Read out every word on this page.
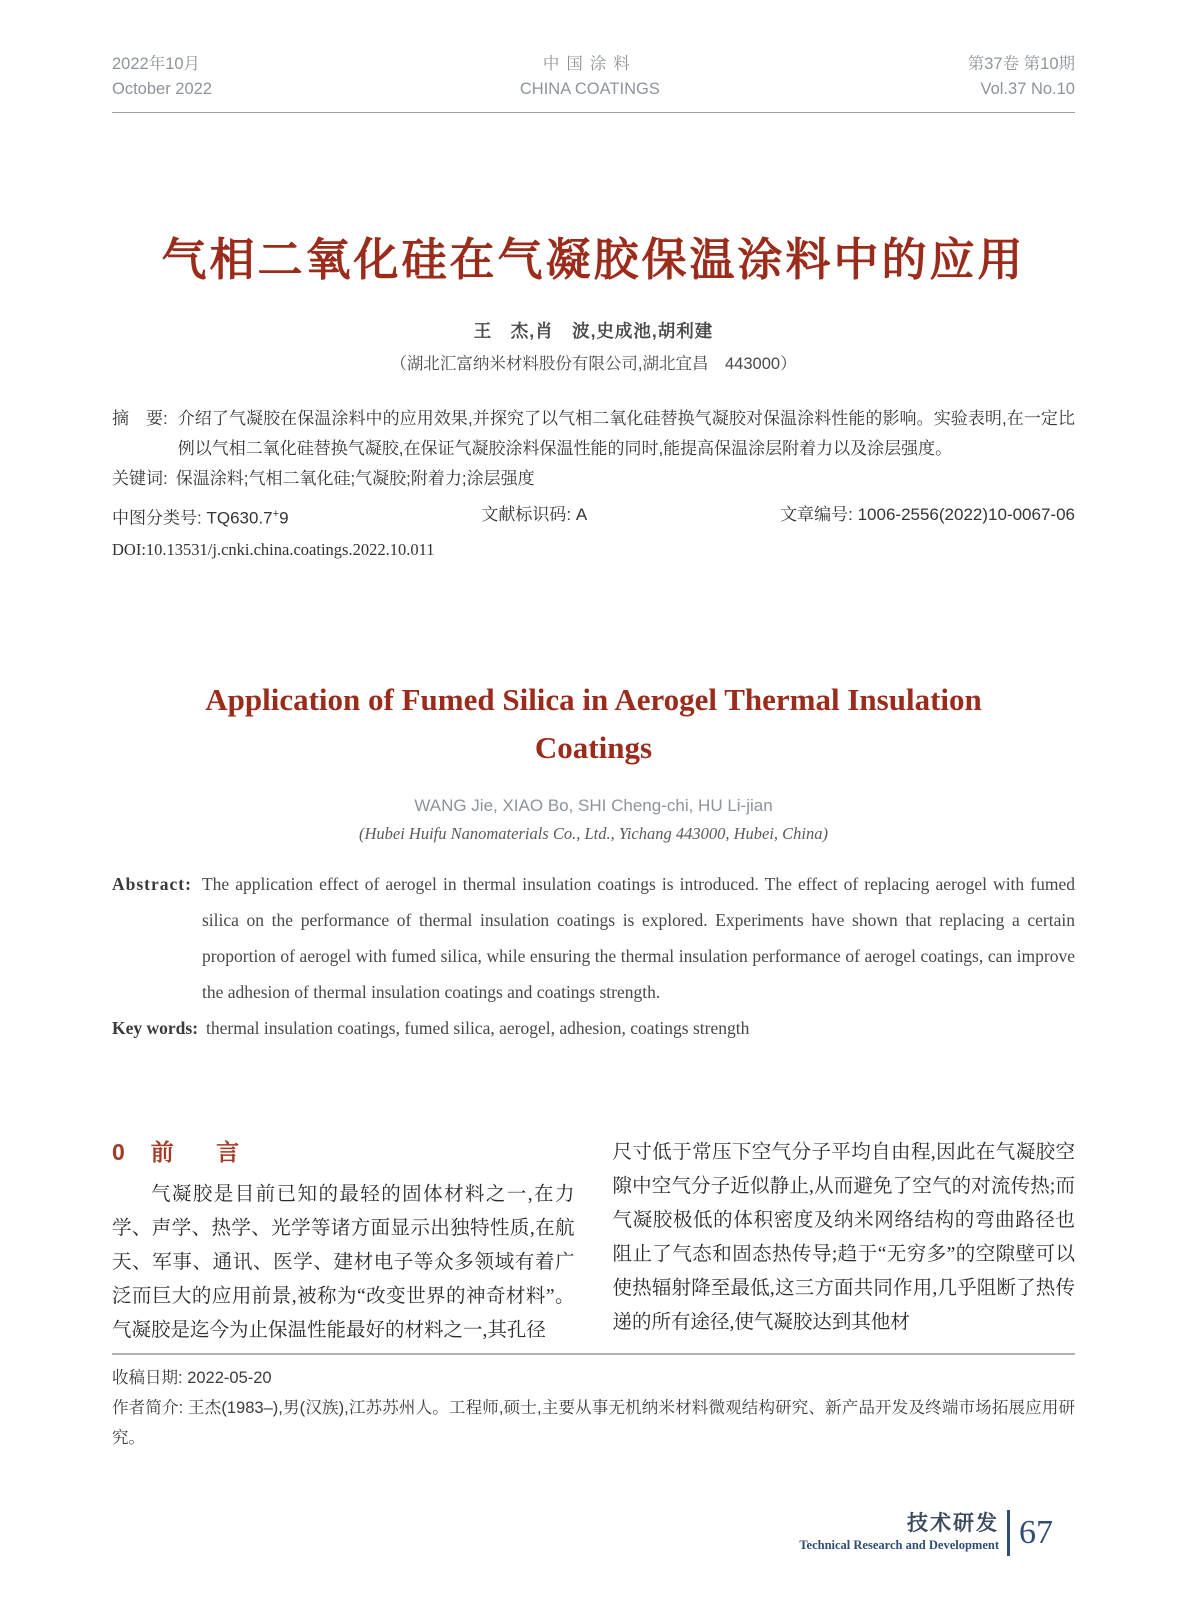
2022年10月
October 2022
中国涂料
CHINA COATINGS
第37卷 第10期
Vol.37 No.10
气相二氧化硅在气凝胶保温涂料中的应用
王　杰,肖　波,史成池,胡利建
（湖北汇富纳米材料股份有限公司,湖北宜昌　443000）
摘　要: 介绍了气凝胶在保温涂料中的应用效果,并探究了以气相二氧化硅替换气凝胶对保温涂料性能的影响。实验表明,在一定比例以气相二氧化硅替换气凝胶,在保证气凝胶涂料保温性能的同时,能提高保温涂层附着力以及涂层强度。
关键词: 保温涂料;气相二氧化硅;气凝胶;附着力;涂层强度
中图分类号: TQ630.7+9	文献标识码: A	文章编号: 1006-2556(2022)10-0067-06
DOI:10.13531/j.cnki.china.coatings.2022.10.011
Application of Fumed Silica in Aerogel Thermal Insulation Coatings
WANG Jie, XIAO Bo, SHI Cheng-chi, HU Li-jian
(Hubei Huifu Nanomaterials Co., Ltd., Yichang 443000, Hubei, China)
Abstract: The application effect of aerogel in thermal insulation coatings is introduced. The effect of replacing aerogel with fumed silica on the performance of thermal insulation coatings is explored. Experiments have shown that replacing a certain proportion of aerogel with fumed silica, while ensuring the thermal insulation performance of aerogel coatings, can improve the adhesion of thermal insulation coatings and coatings strength.
Key words: thermal insulation coatings, fumed silica, aerogel, adhesion, coatings strength
0 前 言
气凝胶是目前已知的最轻的固体材料之一,在力学、声学、热学、光学等诸方面显示出独特性质,在航天、军事、通讯、医学、建材电子等众多领域有着广泛而巨大的应用前景,被称为“改变世界的神奇材料”。气凝胶是迄今为止保温性能最好的材料之一,其孔径
尺寸低于常压下空气分子平均自由程,因此在气凝胶空隙中空气分子近似静止,从而避免了空气的对流传热;而气凝胶极低的体积密度及纳米网络结构的弯曲路径也阻止了气态和固态热传导;趋于“无穷多”的空隙壁可以使热辐射降至最低,这三方面共同作用,几乎阻断了热传递的所有途径,使气凝胶达到其他材
收稿日期: 2022-05-20
作者简介: 王杰(1983–),男(汉族),江苏苏州人。工程师,硕士,主要从事无机纳米材料微观结构研究、新产品开发及终端市场拓展应用研究。
技术研发
Technical Research and Development 67
